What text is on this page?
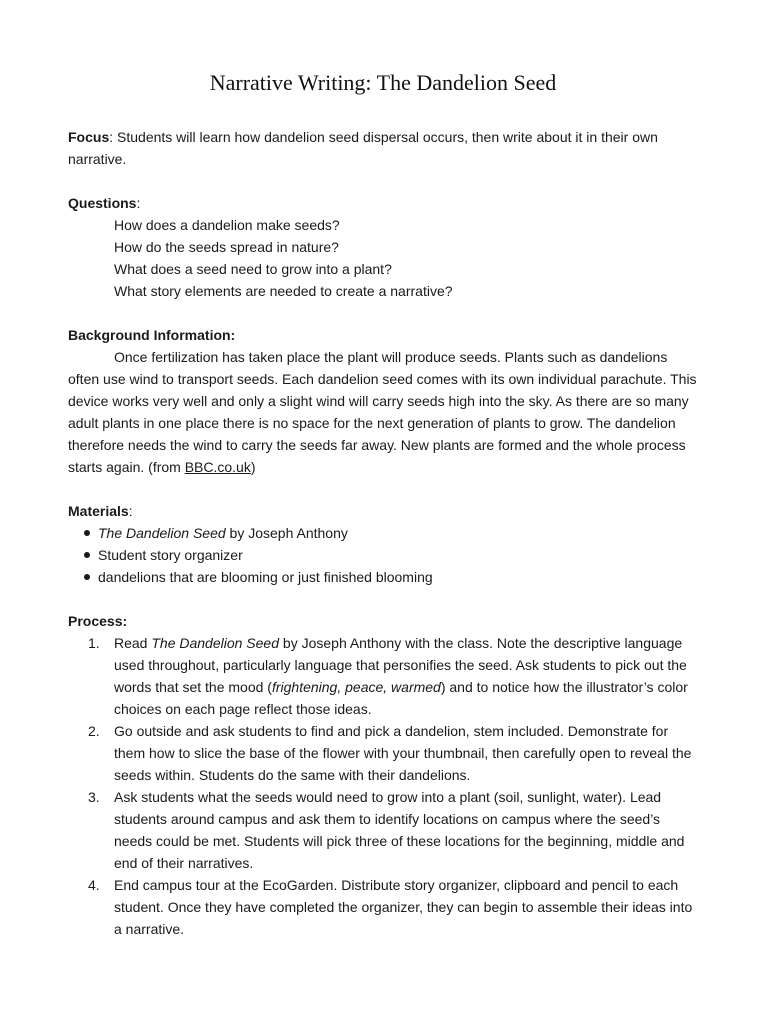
Narrative Writing: The Dandelion Seed

Focus: Students will learn how dandelion seed dispersal occurs, then write about it in their own narrative.

Questions:

How does a dandelion make seeds?
How do the seeds spread in nature?
What does a seed need to grow into a plant?
What story elements are needed to create a narrative?

Background Information:

Once fertilization has taken place the plant will produce seeds. Plants such as dandelions often use wind to transport seeds. Each dandelion seed comes with its own individual parachute. This device works very well and only a slight wind will carry seeds high into the sky. As there are so many adult plants in one place there is no space for the next generation of plants to grow. The dandelion therefore needs the wind to carry the seeds far away. New plants are formed and the whole process starts again. (from BBC.co.uk)

Materials:

The Dandelion Seed by Joseph Anthony
Student story organizer
dandelions that are blooming or just finished blooming

Process:

1. Read The Dandelion Seed by Joseph Anthony with the class. Note the descriptive language used throughout, particularly language that personifies the seed. Ask students to pick out the words that set the mood (frightening, peace, warmed) and to notice how the illustrator’s color choices on each page reflect those ideas.
2. Go outside and ask students to find and pick a dandelion, stem included. Demonstrate for them how to slice the base of the flower with your thumbnail, then carefully open to reveal the seeds within. Students do the same with their dandelions.
3. Ask students what the seeds would need to grow into a plant (soil, sunlight, water). Lead students around campus and ask them to identify locations on campus where the seed’s needs could be met. Students will pick three of these locations for the beginning, middle and end of their narratives.
4. End campus tour at the EcoGarden. Distribute story organizer, clipboard and pencil to each student. Once they have completed the organizer, they can begin to assemble their ideas into a narrative.
